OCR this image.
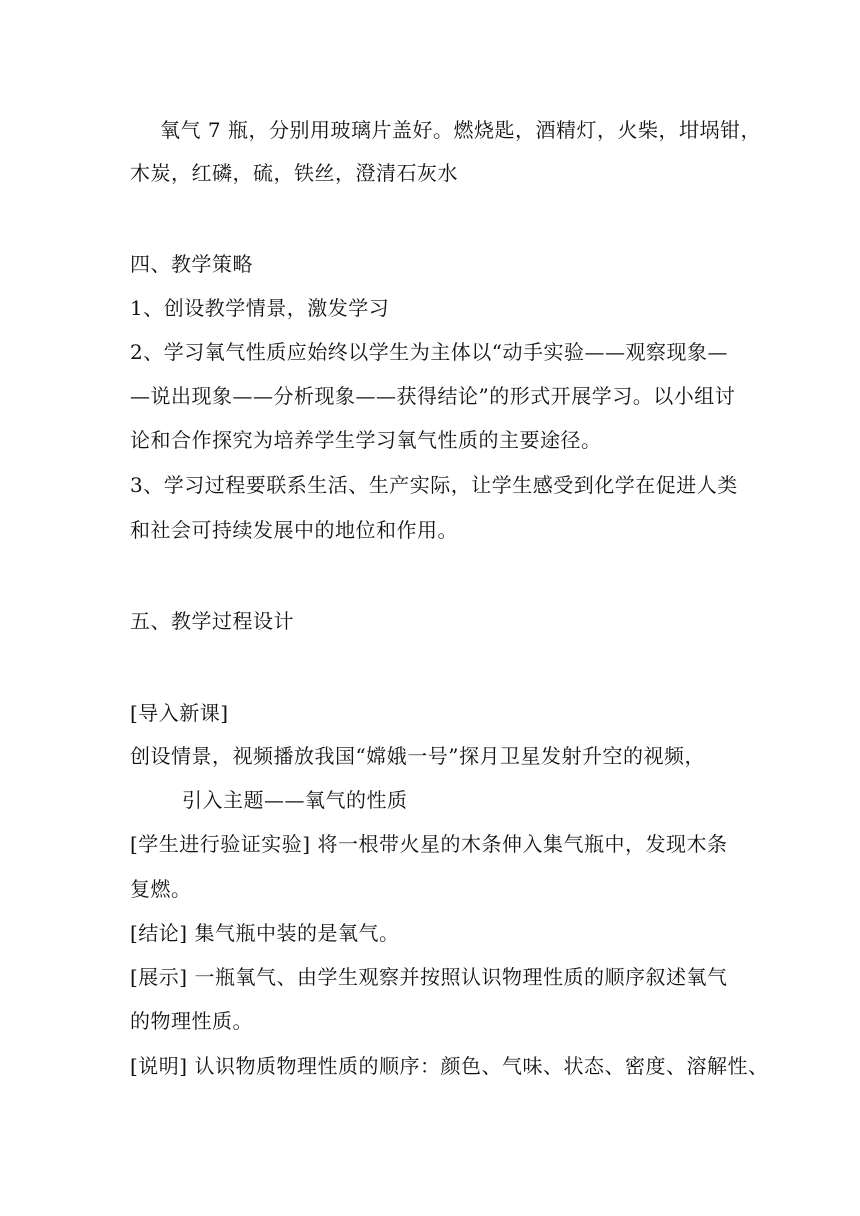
氧气 7 瓶，分别用玻璃片盖好。燃烧匙，酒精灯，火柴，坩埚钳，
木炭，红磷，硫，铁丝，澄清石灰水
四、教学策略
1、创设教学情景，激发学习
2、学习氧气性质应始终以学生为主体以“动手实验——观察现象—
—说出现象——分析现象——获得结论”的形式开展学习。以小组讨
论和合作探究为培养学生学习氧气性质的主要途径。
3、学习过程要联系生活、生产实际，让学生感受到化学在促进人类
和社会可持续发展中的地位和作用。
五、教学过程设计
[导入新课]
创设情景，视频播放我国“嫦娥一号”探月卫星发射升空的视频，
引入主题——氧气的性质
[学生进行验证实验] 将一根带火星的木条伸入集气瓶中，发现木条
复燃。
[结论] 集气瓶中装的是氧气。
[展示] 一瓶氧气、由学生观察并按照认识物理性质的顺序叙述氧气
的物理性质。
[说明] 认识物质物理性质的顺序：颜色、气味、状态、密度、溶解性、
